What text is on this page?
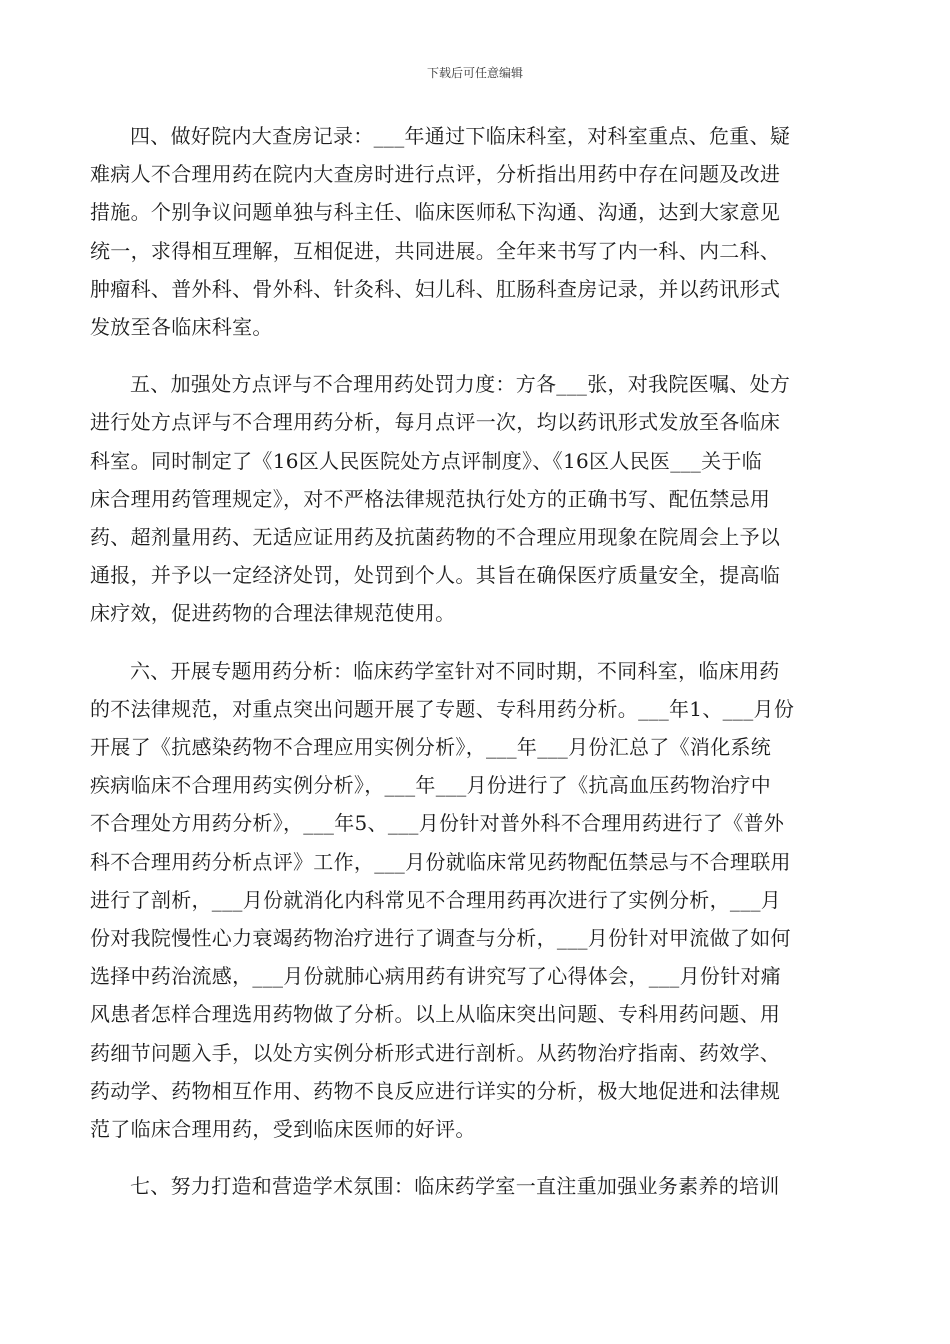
下载后可任意编辑

四、做好院内大查房记录：___年通过下临床科室，对科室重点、危重、疑
难病人不合理用药在院内大查房时进行点评，分析指出用药中存在问题及改进
措施。个别争议问题单独与科主任、临床医师私下沟通、沟通，达到大家意见
统一，求得相互理解，互相促进，共同进展。全年来书写了内一科、内二科、
肿瘤科、普外科、骨外科、针灸科、妇儿科、肛肠科查房记录，并以药讯形式
发放至各临床科室。

五、加强处方点评与不合理用药处罚力度：方各___张，对我院医嘱、处方
进行处方点评与不合理用药分析，每月点评一次，均以药讯形式发放至各临床
科室。同时制定了《16区人民医院处方点评制度》、《16区人民医___关于临
床合理用药管理规定》，对不严格法律规范执行处方的正确书写、配伍禁忌用
药、超剂量用药、无适应证用药及抗菌药物的不合理应用现象在院周会上予以
通报，并予以一定经济处罚，处罚到个人。其旨在确保医疗质量安全，提高临
床疗效，促进药物的合理法律规范使用。

六、开展专题用药分析：临床药学室针对不同时期，不同科室，临床用药
的不法律规范，对重点突出问题开展了专题、专科用药分析。___年1、___月份
开展了《抗感染药物不合理应用实例分析》，___年___月份汇总了《消化系统
疾病临床不合理用药实例分析》，___年___月份进行了《抗高血压药物治疗中
不合理处方用药分析》，___年5、___月份针对普外科不合理用药进行了《普外
科不合理用药分析点评》工作，___月份就临床常见药物配伍禁忌与不合理联用
进行了剖析，___月份就消化内科常见不合理用药再次进行了实例分析，___月
份对我院慢性心力衰竭药物治疗进行了调查与分析，___月份针对甲流做了如何
选择中药治流感，___月份就肺心病用药有讲究写了心得体会，___月份针对痛
风患者怎样合理选用药物做了分析。以上从临床突出问题、专科用药问题、用
药细节问题入手，以处方实例分析形式进行剖析。从药物治疗指南、药效学、
药动学、药物相互作用、药物不良反应进行详实的分析，极大地促进和法律规
范了临床合理用药，受到临床医师的好评。

七、努力打造和营造学术氛围：临床药学室一直注重加强业务素养的培训
